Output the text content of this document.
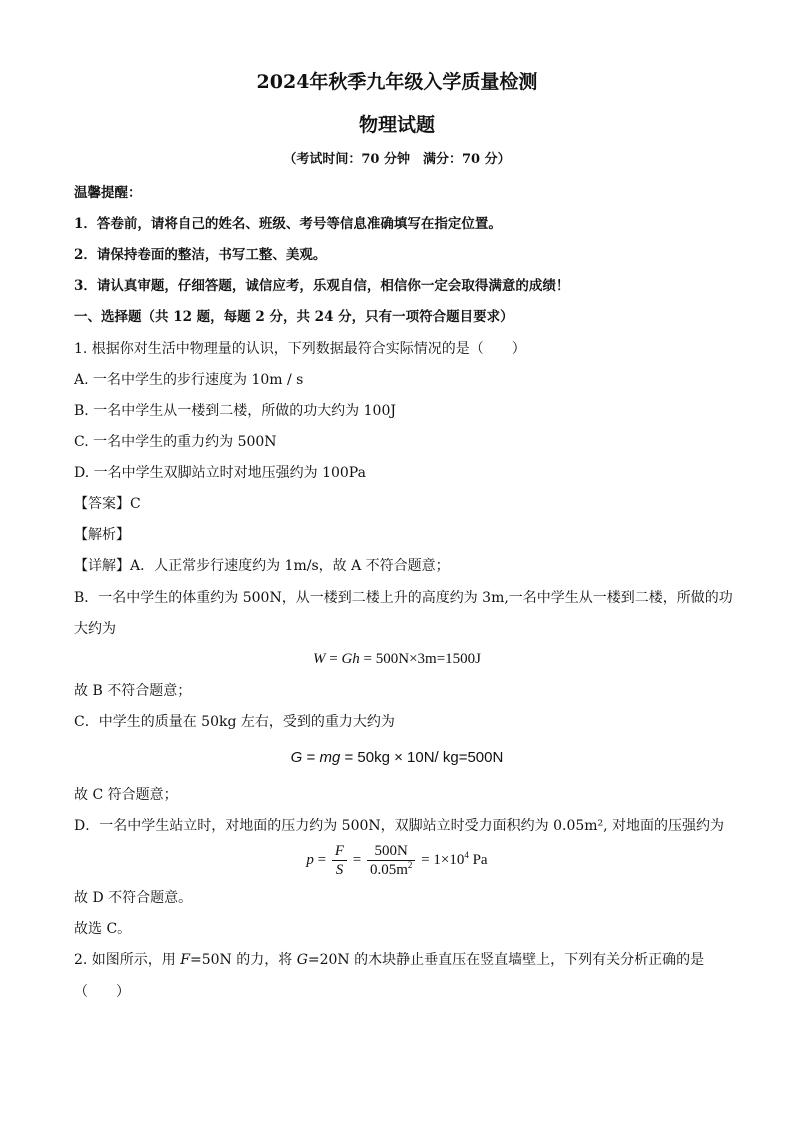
2024年秋季九年级入学质量检测
物理试题
（考试时间：70 分钟　满分：70 分）
温馨提醒：
1．答卷前，请将自己的姓名、班级、考号等信息准确填写在指定位置。
2．请保持卷面的整洁，书写工整、美观。
3．请认真审题，仔细答题，诚信应考，乐观自信，相信你一定会取得满意的成绩！
一、选择题（共 12 题，每题 2 分，共 24 分，只有一项符合题目要求）
1. 根据你对生活中物理量的认识，下列数据最符合实际情况的是（　　）
A. 一名中学生的步行速度为 10m / s
B. 一名中学生从一楼到二楼，所做的功大约为 100J
C. 一名中学生的重力约为 500N
D. 一名中学生双脚站立时对地压强约为 100Pa
【答案】C
【解析】
【详解】A．人正常步行速度约为 1m/s，故 A 不符合题意；
B．一名中学生的体重约为 500N，从一楼到二楼上升的高度约为 3m,一名中学生从一楼到二楼，所做的功
大约为
W = Gh = 500N×3m=1500J
故 B 不符合题意；
C．中学生的质量在 50kg 左右，受到的重力大约为
G = mg = 50kg × 10N/ kg=500N
故 C 符合题意；
D．一名中学生站立时，对地面的压力约为 500N，双脚站立时受力面积约为 0.05m², 对地面的压强约为
$p = \frac{F}{S} = \frac{500N}{0.05m^2} = 1\times 10^4$ Pa
故 D 不符合题意。
故选 C。
2. 如图所示，用 F=50N 的力，将 G=20N 的木块静止垂直压在竖直墙壁上，下列有关分析正确的是
（　　）
